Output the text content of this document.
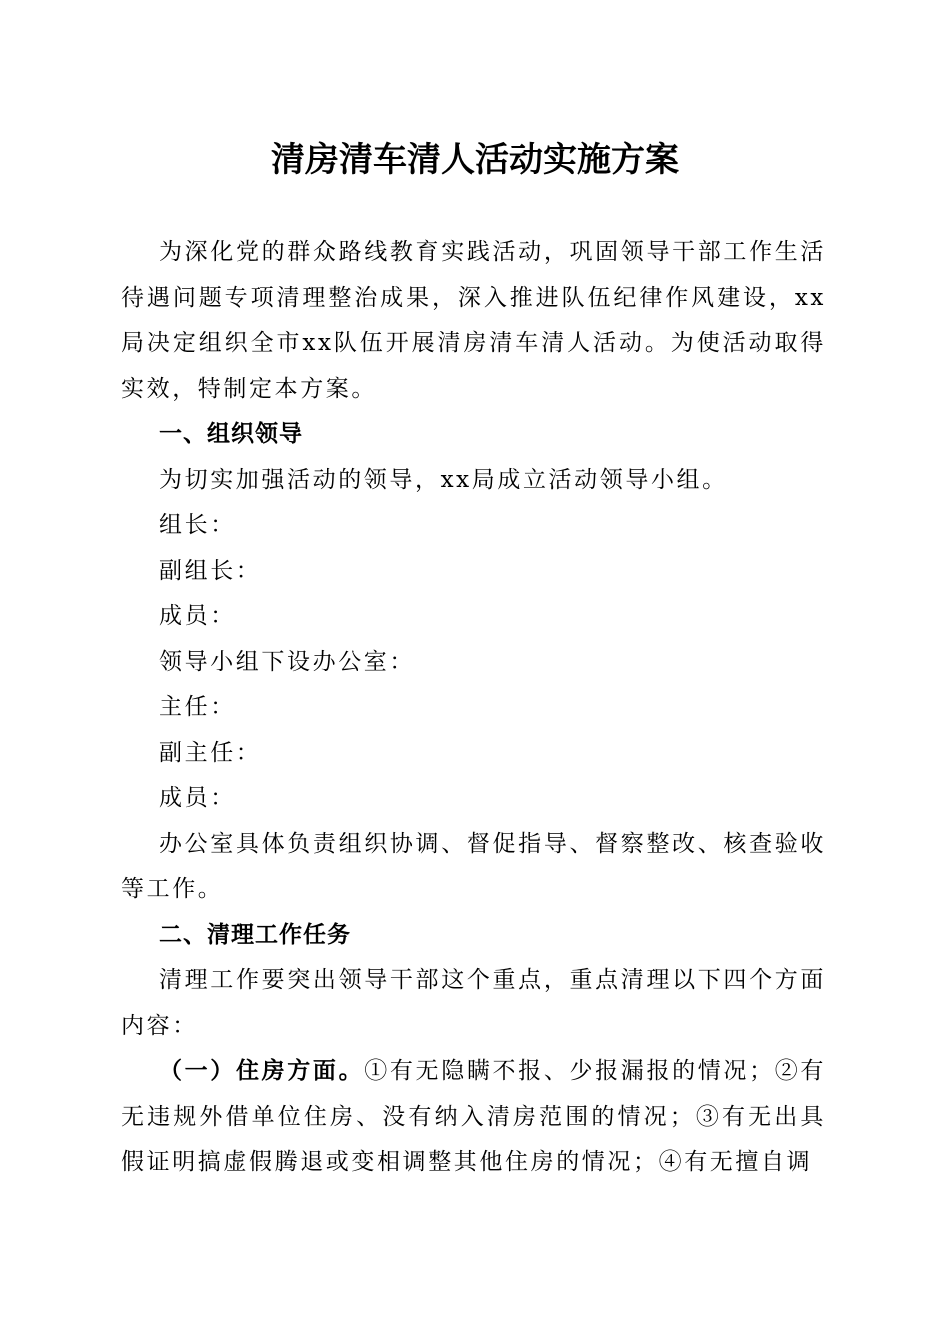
清房清车清人活动实施方案

为深化党的群众路线教育实践活动，巩固领导干部工作生活待遇问题专项清理整治成果，深入推进队伍纪律作风建设，xx局决定组织全市xx队伍开展清房清车清人活动。为使活动取得实效，特制定本方案。

一、组织领导

为切实加强活动的领导，xx局成立活动领导小组。

组长：

副组长：

成员：

领导小组下设办公室：

主任：

副主任：

成员：

办公室具体负责组织协调、督促指导、督察整改、核查验收等工作。

二、清理工作任务

清理工作要突出领导干部这个重点，重点清理以下四个方面内容：

（一）住房方面。①有无隐瞒不报、少报漏报的情况；②有无违规外借单位住房、没有纳入清房范围的情况；③有无出具假证明搞虚假腾退或变相调整其他住房的情况；④有无擅自调
